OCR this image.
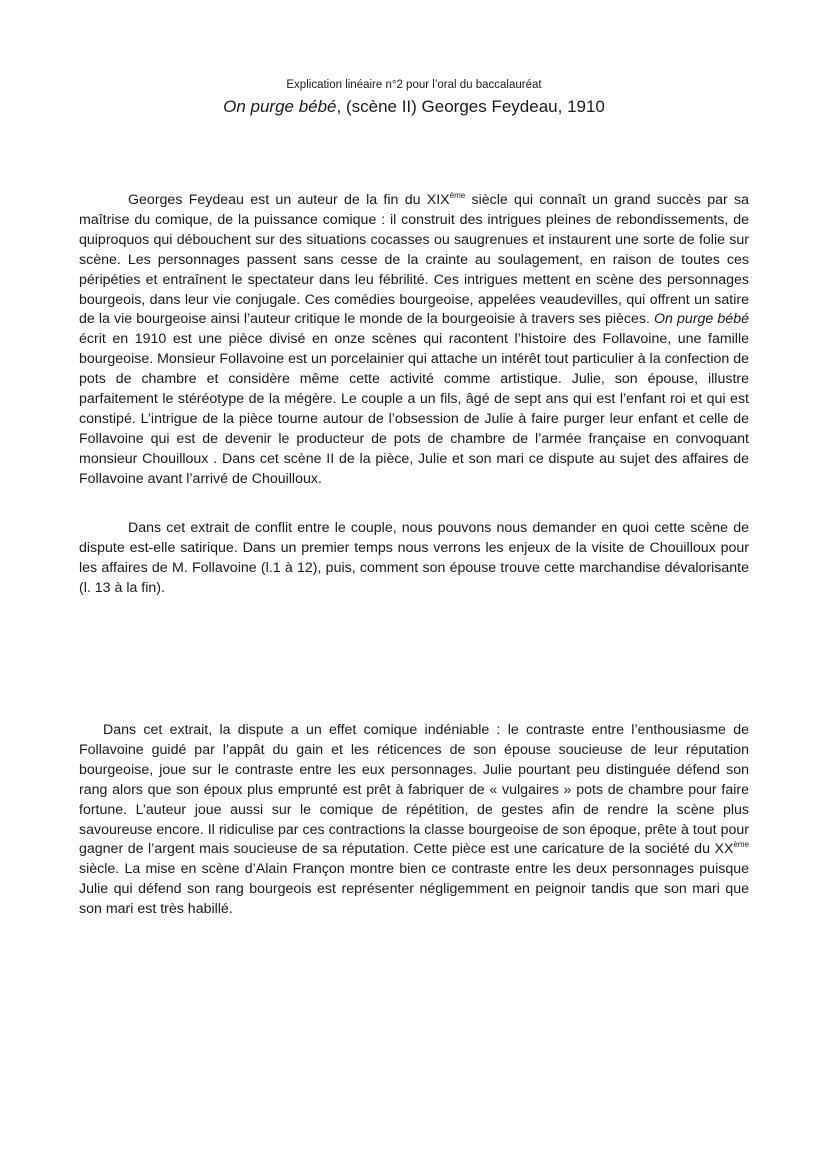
Explication linéaire n°2 pour l’oral du baccalauréat
On purge bébé, (scène II) Georges Feydeau, 1910

Georges Feydeau est un auteur de la fin du XIXème siècle qui connaît un grand succès par sa maîtrise du comique, de la puissance comique : il construit des intrigues pleines de rebondissements, de quiproquos qui débouchent sur des situations cocasses ou saugrenues et instaurent une sorte de folie sur scène. Les personnages passent sans cesse de la crainte au soulagement, en raison de toutes ces péripéties et entraînent le spectateur dans leu fébrilité. Ces intrigues mettent en scène des personnages bourgeois, dans leur vie conjugale. Ces comédies bourgeoise, appelées veaudevilles, qui offrent un satire de la vie bourgeoise ainsi l’auteur critique le monde de la bourgeoisie à travers ses pièces. On purge bébé écrit en 1910 est une pièce divisé en onze scènes qui racontent l’histoire des Follavoine, une famille bourgeoise. Monsieur Follavoine est un porcelainier qui attache un intérêt tout particulier à la confection de pots de chambre et considère même cette activité comme artistique. Julie, son épouse, illustre parfaitement le stéréotype de la mégère. Le couple a un fils, âgé de sept ans qui est l’enfant roi et qui est constipé. L’intrigue de la pièce tourne autour de l’obsession de Julie à faire purger leur enfant et celle de Follavoine qui est de devenir le producteur de pots de chambre de l’armée française en convoquant monsieur Chouilloux . Dans cet scène II de la pièce, Julie et son mari ce dispute au sujet des affaires de Follavoine avant l’arrivé de Chouilloux.

Dans cet extrait de conflit entre le couple, nous pouvons nous demander en quoi cette scène de dispute est-elle satirique. Dans un premier temps nous verrons les enjeux de la visite de Chouilloux pour les affaires de M. Follavoine (l.1 à 12), puis, comment son épouse trouve cette marchandise dévalorisante (l. 13 à la fin).

Dans cet extrait, la dispute a un effet comique indéniable : le contraste entre l’enthousiasme de Follavoine guidé par l’appât du gain et les réticences de son épouse soucieuse de leur réputation bourgeoise, joue sur le contraste entre les eux personnages. Julie pourtant peu distinguée défend son rang alors que son époux plus emprunté est prêt à fabriquer de « vulgaires » pots de chambre pour faire fortune. L’auteur joue aussi sur le comique de répétition, de gestes afin de rendre la scène plus savoureuse encore. Il ridiculise par ces contractions la classe bourgeoise de son époque, prête à tout pour gagner de l’argent mais soucieuse de sa réputation. Cette pièce est une caricature de la société du XXème siècle. La mise en scène d’Alain Françon montre bien ce contraste entre les deux personnages puisque Julie qui défend son rang bourgeois est représenter négligemment en peignoir tandis que son mari que son mari est très habillé.
